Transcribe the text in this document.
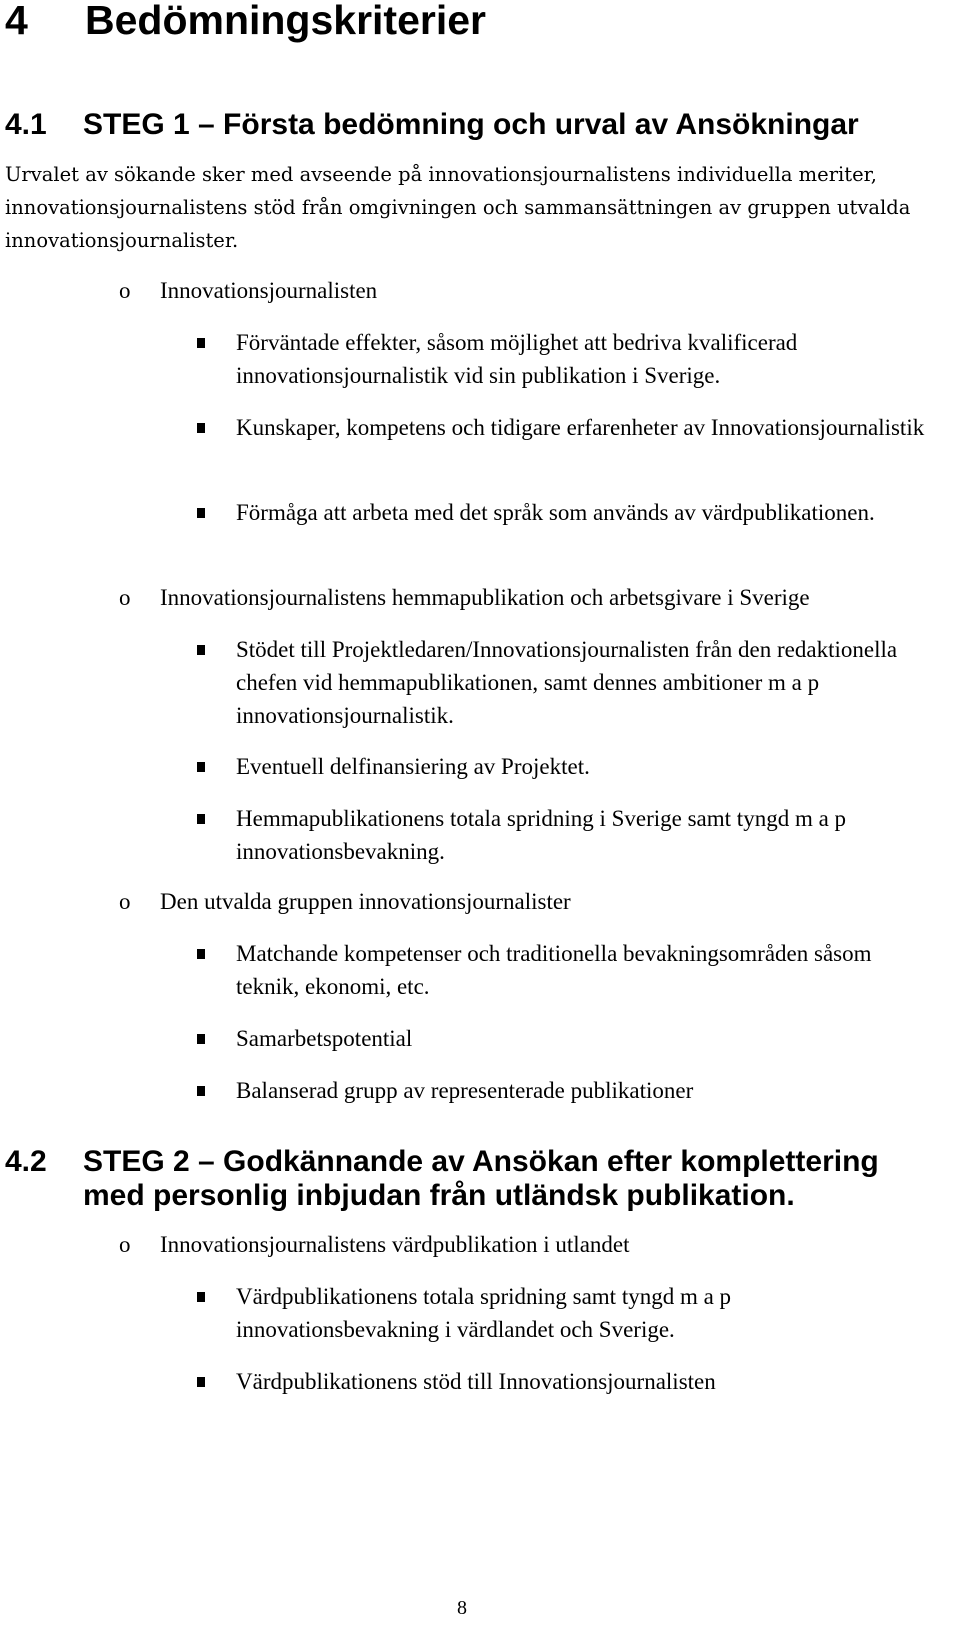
4 Bedömningskriterier
4.1 STEG 1 – Första bedömning och urval av Ansökningar
Urvalet av sökande sker med avseende på innovationsjournalistens individuella meriter, innovationsjournalistens stöd från omgivningen och sammansättningen av gruppen utvalda innovationsjournalister.
o Innovationsjournalisten
Förväntade effekter, såsom möjlighet att bedriva kvalificerad innovationsjournalistik vid sin publikation i Sverige.
Kunskaper, kompetens och tidigare erfarenheter av Innovationsjournalistik
Förmåga att arbeta med det språk som används av värdpublikationen.
o Innovationsjournalistens hemmapublikation och arbetsgivare i Sverige
Stödet till Projektledaren/Innovationsjournalisten från den redaktionella chefen vid hemmapublikationen, samt dennes ambitioner m a p innovationsjournalistik.
Eventuell delfinansiering av Projektet.
Hemmapublikationens totala spridning i Sverige samt tyngd m a p innovationsbevakning.
o Den utvalda gruppen innovationsjournalister
Matchande kompetenser och traditionella bevakningsområden såsom teknik, ekonomi, etc.
Samarbetspotential
Balanserad grupp av representerade publikationer
4.2 STEG 2 – Godkännande av Ansökan efter komplettering med personlig inbjudan från utländsk publikation.
o Innovationsjournalistens värdpublikation i utlandet
Värdpublikationens totala spridning samt tyngd m a p innovationsbevakning i värdlandet och Sverige.
Värdpublikationens stöd till Innovationsjournalisten
8
